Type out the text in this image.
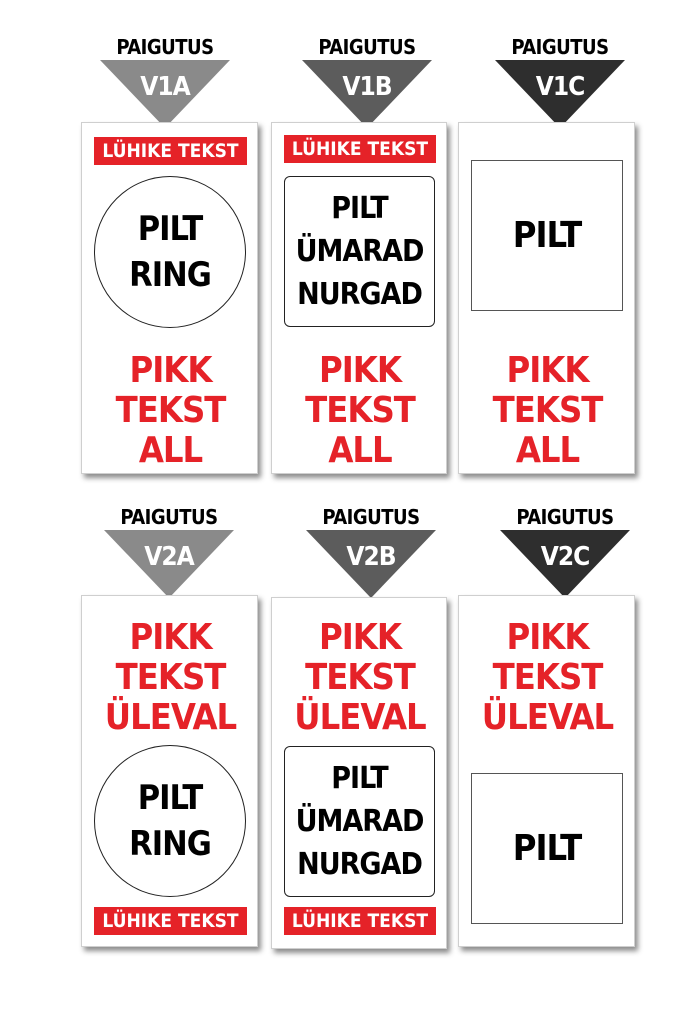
PAIGUTUS
V1A
LÜHIKE TEKST
PILT
RING
PIKK
TEKST
ALL
PAIGUTUS
V1B
LÜHIKE TEKST
PILT
ÜMARAD
NURGAD
PIKK
TEKST
ALL
PAIGUTUS
V1C
PILT
PIKK
TEKST
ALL
PAIGUTUS
V2A
PIKK
TEKST
ÜLEVAL
PILT
RING
LÜHIKE TEKST
PAIGUTUS
V2B
PIKK
TEKST
ÜLEVAL
PILT
ÜMARAD
NURGAD
LÜHIKE TEKST
PAIGUTUS
V2C
PIKK
TEKST
ÜLEVAL
PILT
